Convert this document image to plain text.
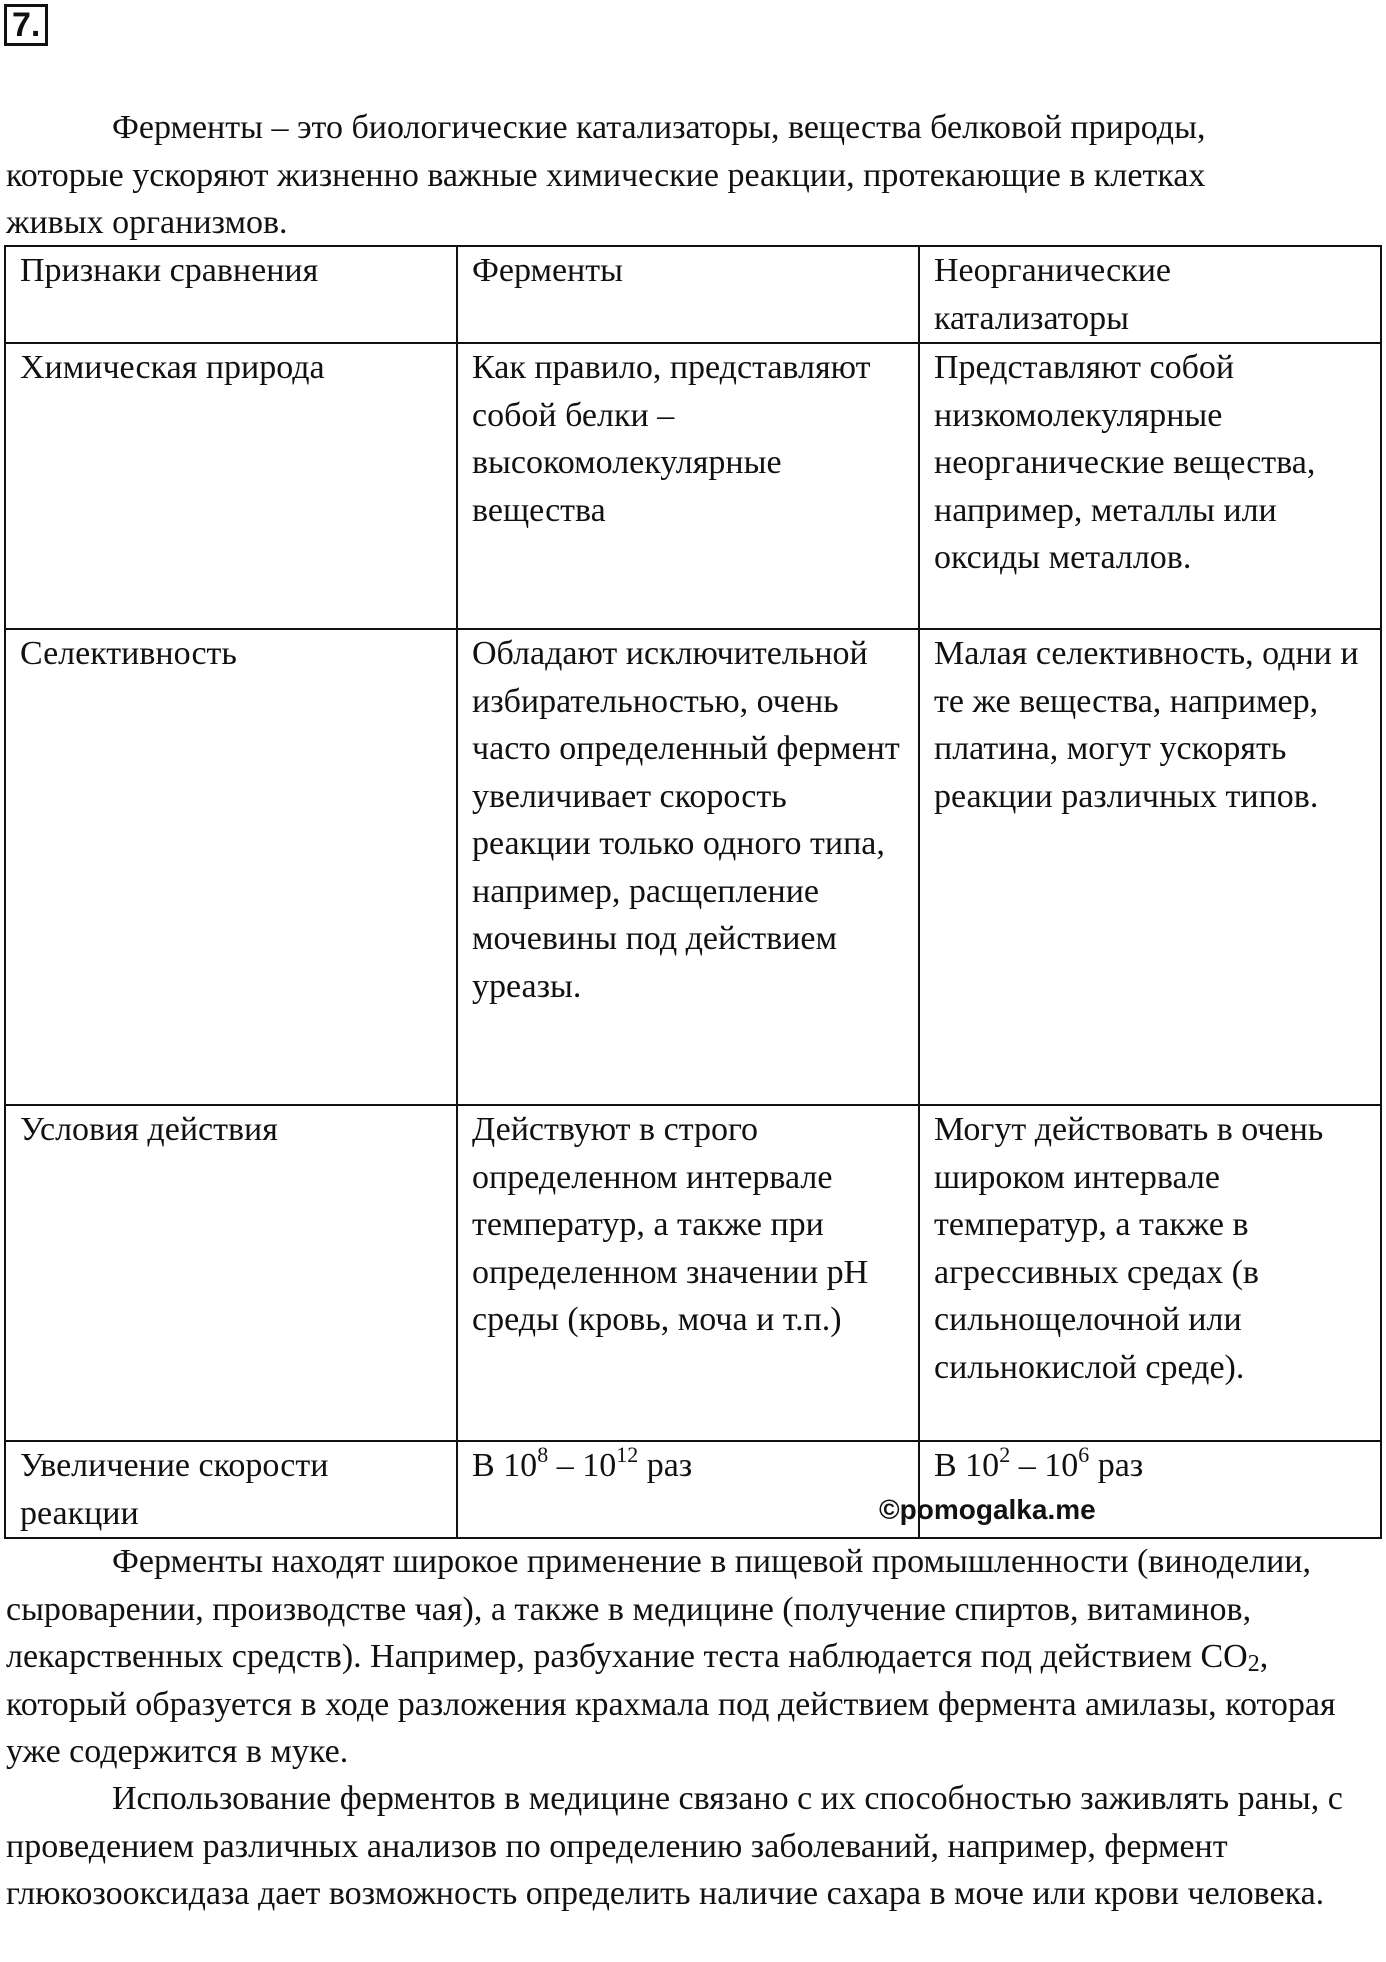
7.

Ферменты – это биологические катализаторы, вещества белковой природы, которые ускоряют жизненно важные химические реакции, протекающие в клетках живых организмов.

Признаки сравнения	Ферменты	Неорганические катализаторы
Химическая природа	Как правило, представляют собой белки – высокомолекулярные вещества	Представляют собой низкомолекулярные неорганические вещества, например, металлы или оксиды металлов.
Селективность	Обладают исключительной избирательностью, очень часто определенный фермент увеличивает скорость реакции только одного типа, например, расщепление мочевины под действием уреазы.	Малая селективность, одни и те же вещества, например, платина, могут ускорять реакции различных типов.
Условия действия	Действуют в строго определенном интервале температур, а также при определенном значении pH среды (кровь, моча и т.п.)	Могут действовать в очень широком интервале температур, а также в агрессивных средах (в сильнощелочной или сильнокислой среде).
Увеличение скорости реакции	В $10^8 - 10^{12}$ раз	В $10^2 - 10^6$ раз
©pomogalka.me

Ферменты находят широкое применение в пищевой промышленности (виноделии, сыроварении, производстве чая), а также в медицине (получение спиртов, витаминов, лекарственных средств). Например, разбухание теста наблюдается под действием $CO_2$, который образуется в ходе разложения крахмала под действием фермента амилазы, которая уже содержится в муке.

Использование ферментов в медицине связано с их способностью заживлять раны, с проведением различных анализов по определению заболеваний, например, фермент глюкозооксидаза дает возможность определить наличие сахара в моче или крови человека.
